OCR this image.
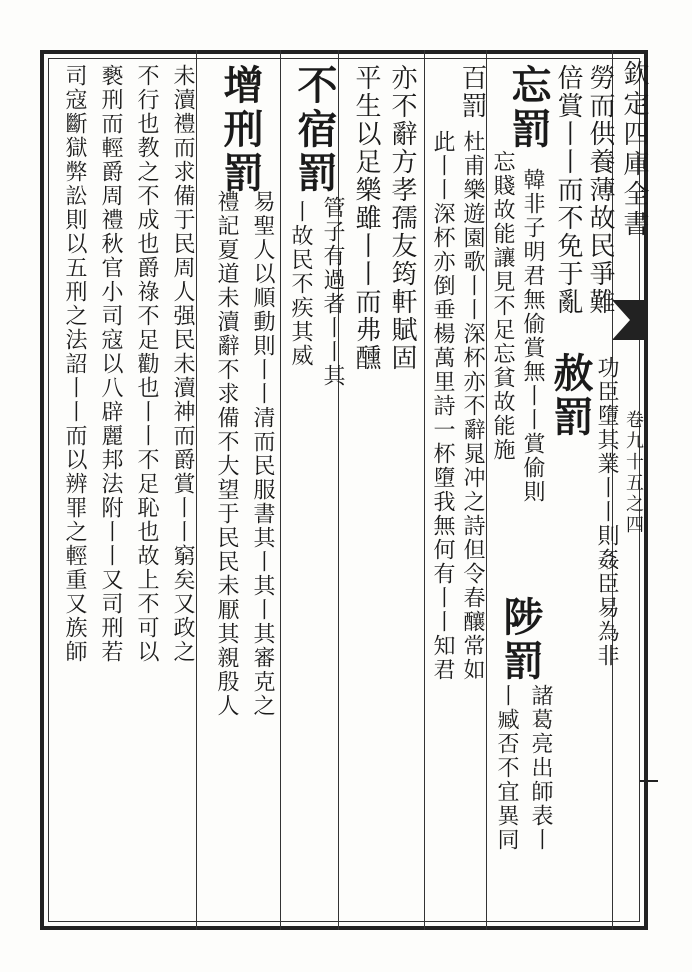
欽定四庫全書
卷九十五之四
勞而供養薄故民爭難
倍賞丨丨而不免于亂
赦罰
忘罰
韓非子明君無偷賞無丨丨賞偷則
百罰
功臣墮其業丨丨則姦臣易為非
忘賤故能讓見不足忘貧故能施
陟罰
諸葛亮出師表丨
丨臧否不宜異同
杜甫樂遊園歌丨丨深杯亦不辭晁冲之詩但令春釀常如
此丨丨深杯亦倒垂楊萬里詩一杯墮我無何有丨丨知君
亦不辭方孝孺友筠軒賦固
平生以足樂雖丨丨而弗醺
不宿罰
管子有過者丨丨其
丨故民不疾其威
增刑罰
易聖人以順動則丨丨清而民服書其丨其丨其審克之
禮記夏道未瀆辭不求備不大望于民民未厭其親殷人
未瀆禮而求備于民周人强民未瀆神而爵賞丨丨窮矣又政之
不行也教之不成也爵祿不足勸也丨丨不足恥也故上不可以
褻刑而輕爵周禮秋官小司寇以八辟麗邦法附丨丨又司刑若
司寇斷獄弊訟則以五刑之法詔丨丨而以辨罪之輕重又族師
